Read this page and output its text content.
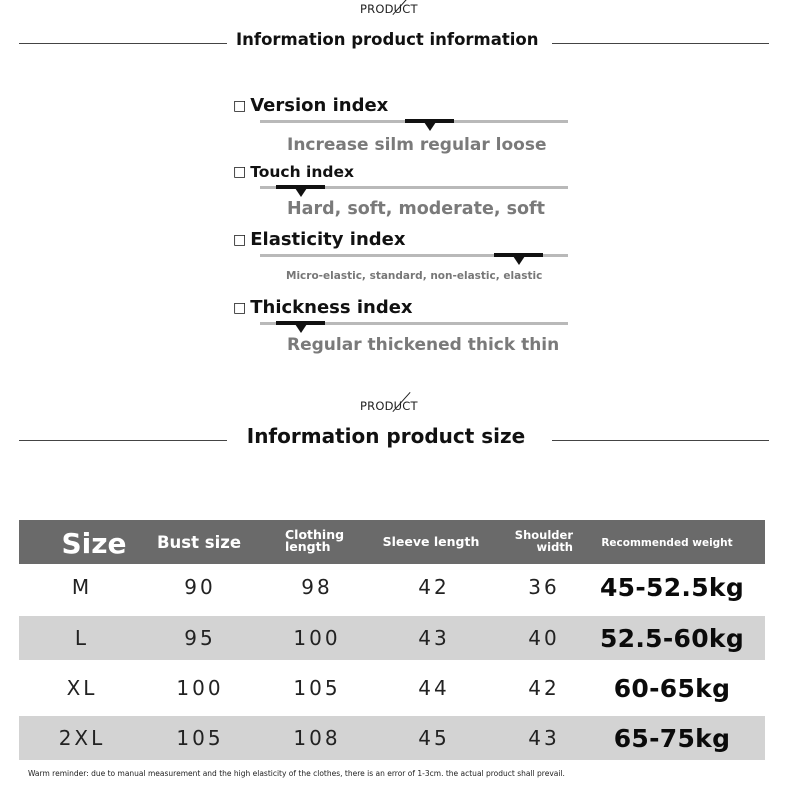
PRODUCT
Information product information
□ Version index
Increase silm regular loose
□ Touch index
Hard, soft, moderate, soft
□ Elasticity index
Micro-elastic, standard, non-elastic, elastic
□ Thickness index
Regular thickened thick thin
PRODUCT
Information product size
Size	Bust size	Clothing length	Sleeve length	Shoulder width	Recommended weight
M	90	98	42	36	45-52.5kg
L	95	100	43	40	52.5-60kg
XL	100	105	44	42	60-65kg
2XL	105	108	45	43	65-75kg
Warm reminder: due to manual measurement and the high elasticity of the clothes, there is an error of 1-3cm. the actual product shall prevail.
